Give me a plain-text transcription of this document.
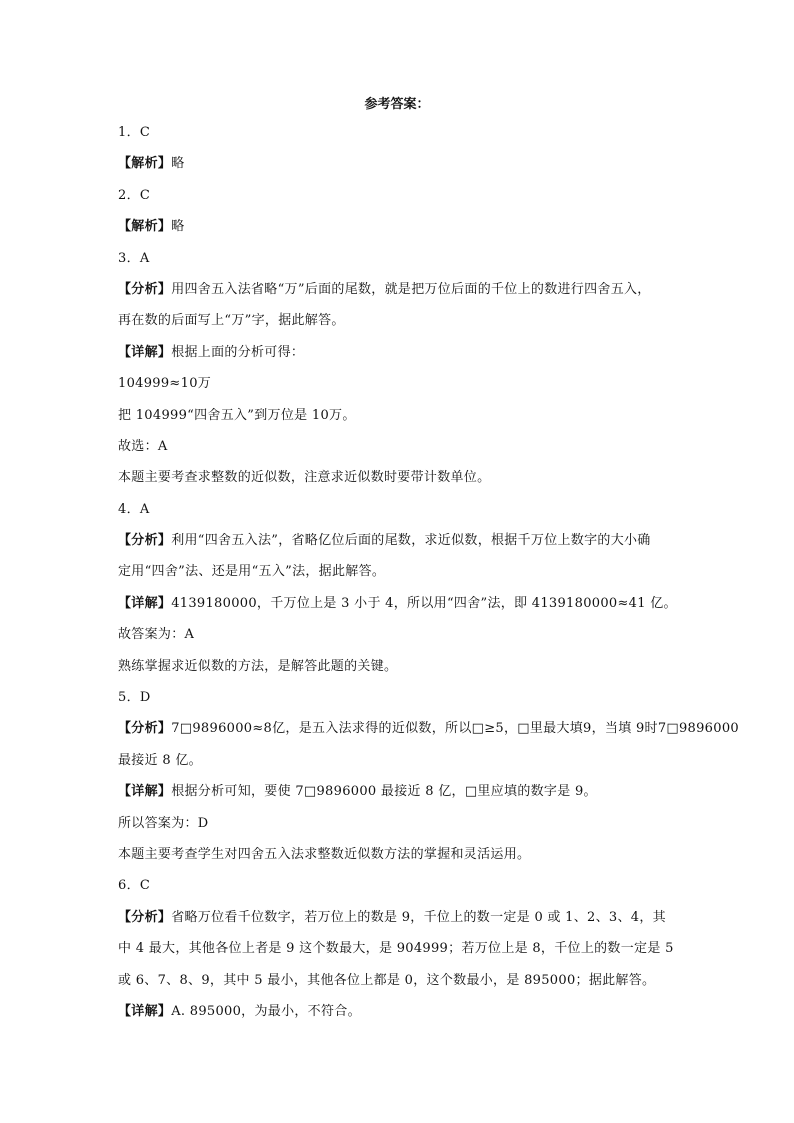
参考答案：
1．C
【解析】略
2．C
【解析】略
3．A
【分析】用四舍五入法省略“万”后面的尾数，就是把万位后面的千位上的数进行四舍五入，
再在数的后面写上“万”字，据此解答。
【详解】根据上面的分析可得：
104999≈10万
把 104999“四舍五入”到万位是 10万。
故选：A
本题主要考查求整数的近似数，注意求近似数时要带计数单位。
4．A
【分析】利用“四舍五入法”，省略亿位后面的尾数，求近似数，根据千万位上数字的大小确
定用“四舍”法、还是用“五入”法，据此解答。
【详解】4139180000，千万位上是 3 小于 4，所以用“四舍”法，即 4139180000≈41 亿。
故答案为：A
熟练掌握求近似数的方法，是解答此题的关键。
5．D
【分析】7□9896000≈8亿，是五入法求得的近似数，所以□≥5，□里最大填9，当填 9时7□9896000
最接近 8 亿。
【详解】根据分析可知，要使 7□9896000 最接近 8 亿，□里应填的数字是 9。
所以答案为：D
本题主要考查学生对四舍五入法求整数近似数方法的掌握和灵活运用。
6．C
【分析】省略万位看千位数字，若万位上的数是 9，千位上的数一定是 0 或 1、2、3、4，其
中 4 最大，其他各位上者是 9 这个数最大，是 904999；若万位上是 8，千位上的数一定是 5
或 6、7、8、9，其中 5 最小，其他各位上都是 0，这个数最小，是 895000；据此解答。
【详解】A. 895000，为最小，不符合。
